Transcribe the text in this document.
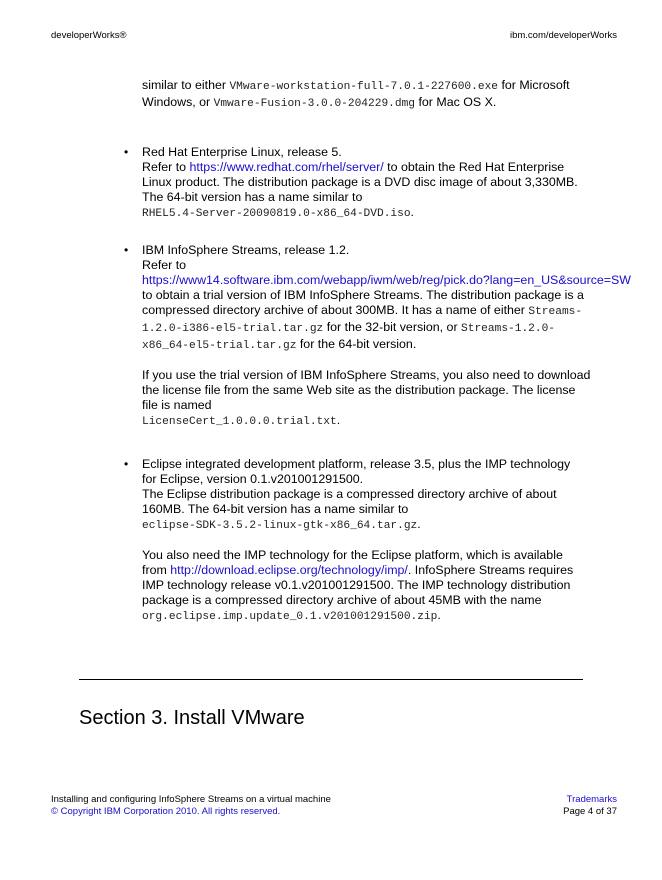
developerWorks®	ibm.com/developerWorks
similar to either VMware-workstation-full-7.0.1-227600.exe for Microsoft Windows, or Vmware-Fusion-3.0.0-204229.dmg for Mac OS X.
• Red Hat Enterprise Linux, release 5.
Refer to https://www.redhat.com/rhel/server/ to obtain the Red Hat Enterprise Linux product. The distribution package is a DVD disc image of about 3,330MB. The 64-bit version has a name similar to
RHEL5.4-Server-20090819.0-x86_64-DVD.iso.
• IBM InfoSphere Streams, release 1.2.
Refer to
https://www14.software.ibm.com/webapp/iwm/web/reg/pick.do?lang=en_US&source=SW
to obtain a trial version of IBM InfoSphere Streams. The distribution package is a compressed directory archive of about 300MB. It has a name of either Streams-1.2.0-i386-el5-trial.tar.gz for the 32-bit version, or Streams-1.2.0-x86_64-el5-trial.tar.gz for the 64-bit version.
If you use the trial version of IBM InfoSphere Streams, you also need to download the license file from the same Web site as the distribution package. The license file is named
LicenseCert_1.0.0.0.trial.txt.
• Eclipse integrated development platform, release 3.5, plus the IMP technology for Eclipse, version 0.1.v201001291500.
The Eclipse distribution package is a compressed directory archive of about 160MB. The 64-bit version has a name similar to
eclipse-SDK-3.5.2-linux-gtk-x86_64.tar.gz.
You also need the IMP technology for the Eclipse platform, which is available from http://download.eclipse.org/technology/imp/. InfoSphere Streams requires IMP technology release v0.1.v201001291500. The IMP technology distribution package is a compressed directory archive of about 45MB with the name
org.eclipse.imp.update_0.1.v201001291500.zip.
Section 3. Install VMware
Installing and configuring InfoSphere Streams on a virtual machine
© Copyright IBM Corporation 2010. All rights reserved.
Trademarks
Page 4 of 37
